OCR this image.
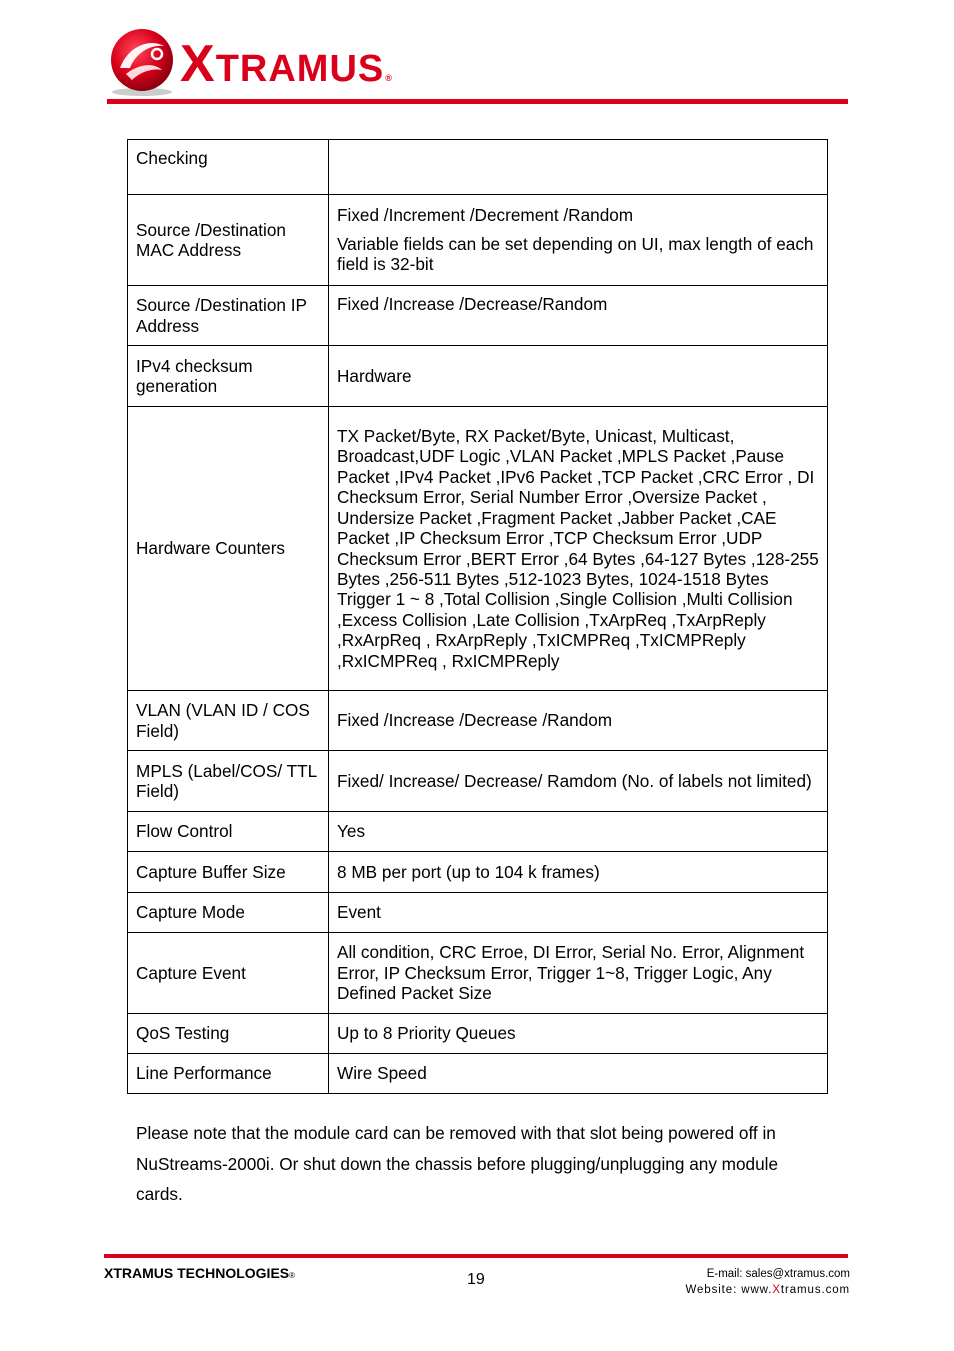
XTRAMUS®
Checking	
Source /Destination MAC Address	Fixed /Increment /Decrement /Random
Variable fields can be set depending on UI, max length of each field is 32-bit

Source /Destination IP Address	Fixed /Increase /Decrease/Random
IPv4 checksum generation	Hardware
Hardware Counters	TX Packet/Byte, RX Packet/Byte, Unicast, Multicast, Broadcast,UDF Logic ,VLAN Packet ,MPLS Packet ,Pause Packet ,IPv4 Packet ,IPv6 Packet ,TCP Packet ,CRC Error , DI Checksum Error, Serial Number Error ,Oversize Packet , Undersize Packet ,Fragment Packet ,Jabber Packet ,CAE Packet ,IP Checksum Error ,TCP Checksum Error ,UDP Checksum Error ,BERT Error ,64 Bytes ,64-127 Bytes ,128-255 Bytes ,256-511 Bytes ,512-1023 Bytes, 1024-1518 Bytes Trigger 1 ~ 8 ,Total Collision ,Single Collision ,Multi Collision ,Excess Collision ,Late Collision ,TxArpReq ,TxArpReply ,RxArpReq , RxArpReply ,TxICMPReq ,TxICMPReply ,RxICMPReq , RxICMPReply
VLAN (VLAN ID / COS Field)	Fixed /Increase /Decrease /Random
MPLS (Label/COS/ TTL Field)	Fixed/ Increase/ Decrease/ Ramdom (No. of labels not limited)
Flow Control	Yes
Capture Buffer Size	8 MB per port (up to 104 k frames)
Capture Mode	Event
Capture Event	All condition, CRC Erroe, DI Error, Serial No. Error, Alignment Error, IP Checksum Error, Trigger 1~8, Trigger Logic, Any Defined Packet Size
QoS Testing	Up to 8 Priority Queues
Line Performance	Wire Speed
Please note that the module card can be removed with that slot being powered off in NuStreams-2000i. Or shut down the chassis before plugging/unplugging any module cards.
XTRAMUS TECHNOLOGIES®	19	E-mail: sales@xtramus.com
Website: www.Xtramus.com
